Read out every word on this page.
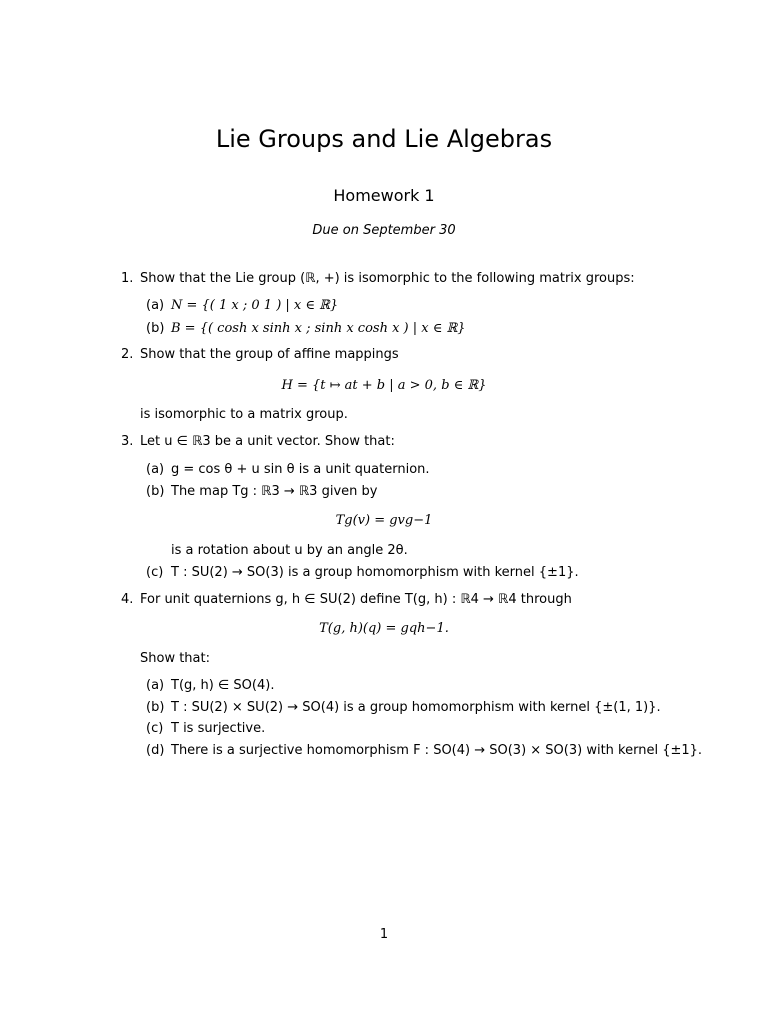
Lie Groups and Lie Algebras
Homework 1
Due on September 30
1. Show that the Lie group (ℝ, +) is isomorphic to the following matrix groups:
(a) N = {( 1 x ; 0 1 ) | x ∈ ℝ}
(b) B = {( cosh x sinh x ; sinh x cosh x ) | x ∈ ℝ}
2. Show that the group of affine mappings
H = {t ↦ at + b | a > 0, b ∈ ℝ}
is isomorphic to a matrix group.
3. Let u ∈ ℝ3 be a unit vector. Show that:
(a) g = cos θ + u sin θ is a unit quaternion.
(b) The map Tg : ℝ3 → ℝ3 given by
Tg(v) = gvg−1
is a rotation about u by an angle 2θ.
(c) T : SU(2) → SO(3) is a group homomorphism with kernel {±1}.
4. For unit quaternions g, h ∈ SU(2) define T(g, h) : ℝ4 → ℝ4 through
T(g, h)(q) = gqh−1.
Show that:
(a) T(g, h) ∈ SO(4).
(b) T : SU(2) × SU(2) → SO(4) is a group homomorphism with kernel {±(1, 1)}.
(c) T is surjective.
(d) There is a surjective homomorphism F : SO(4) → SO(3) × SO(3) with kernel {±1}.
1
